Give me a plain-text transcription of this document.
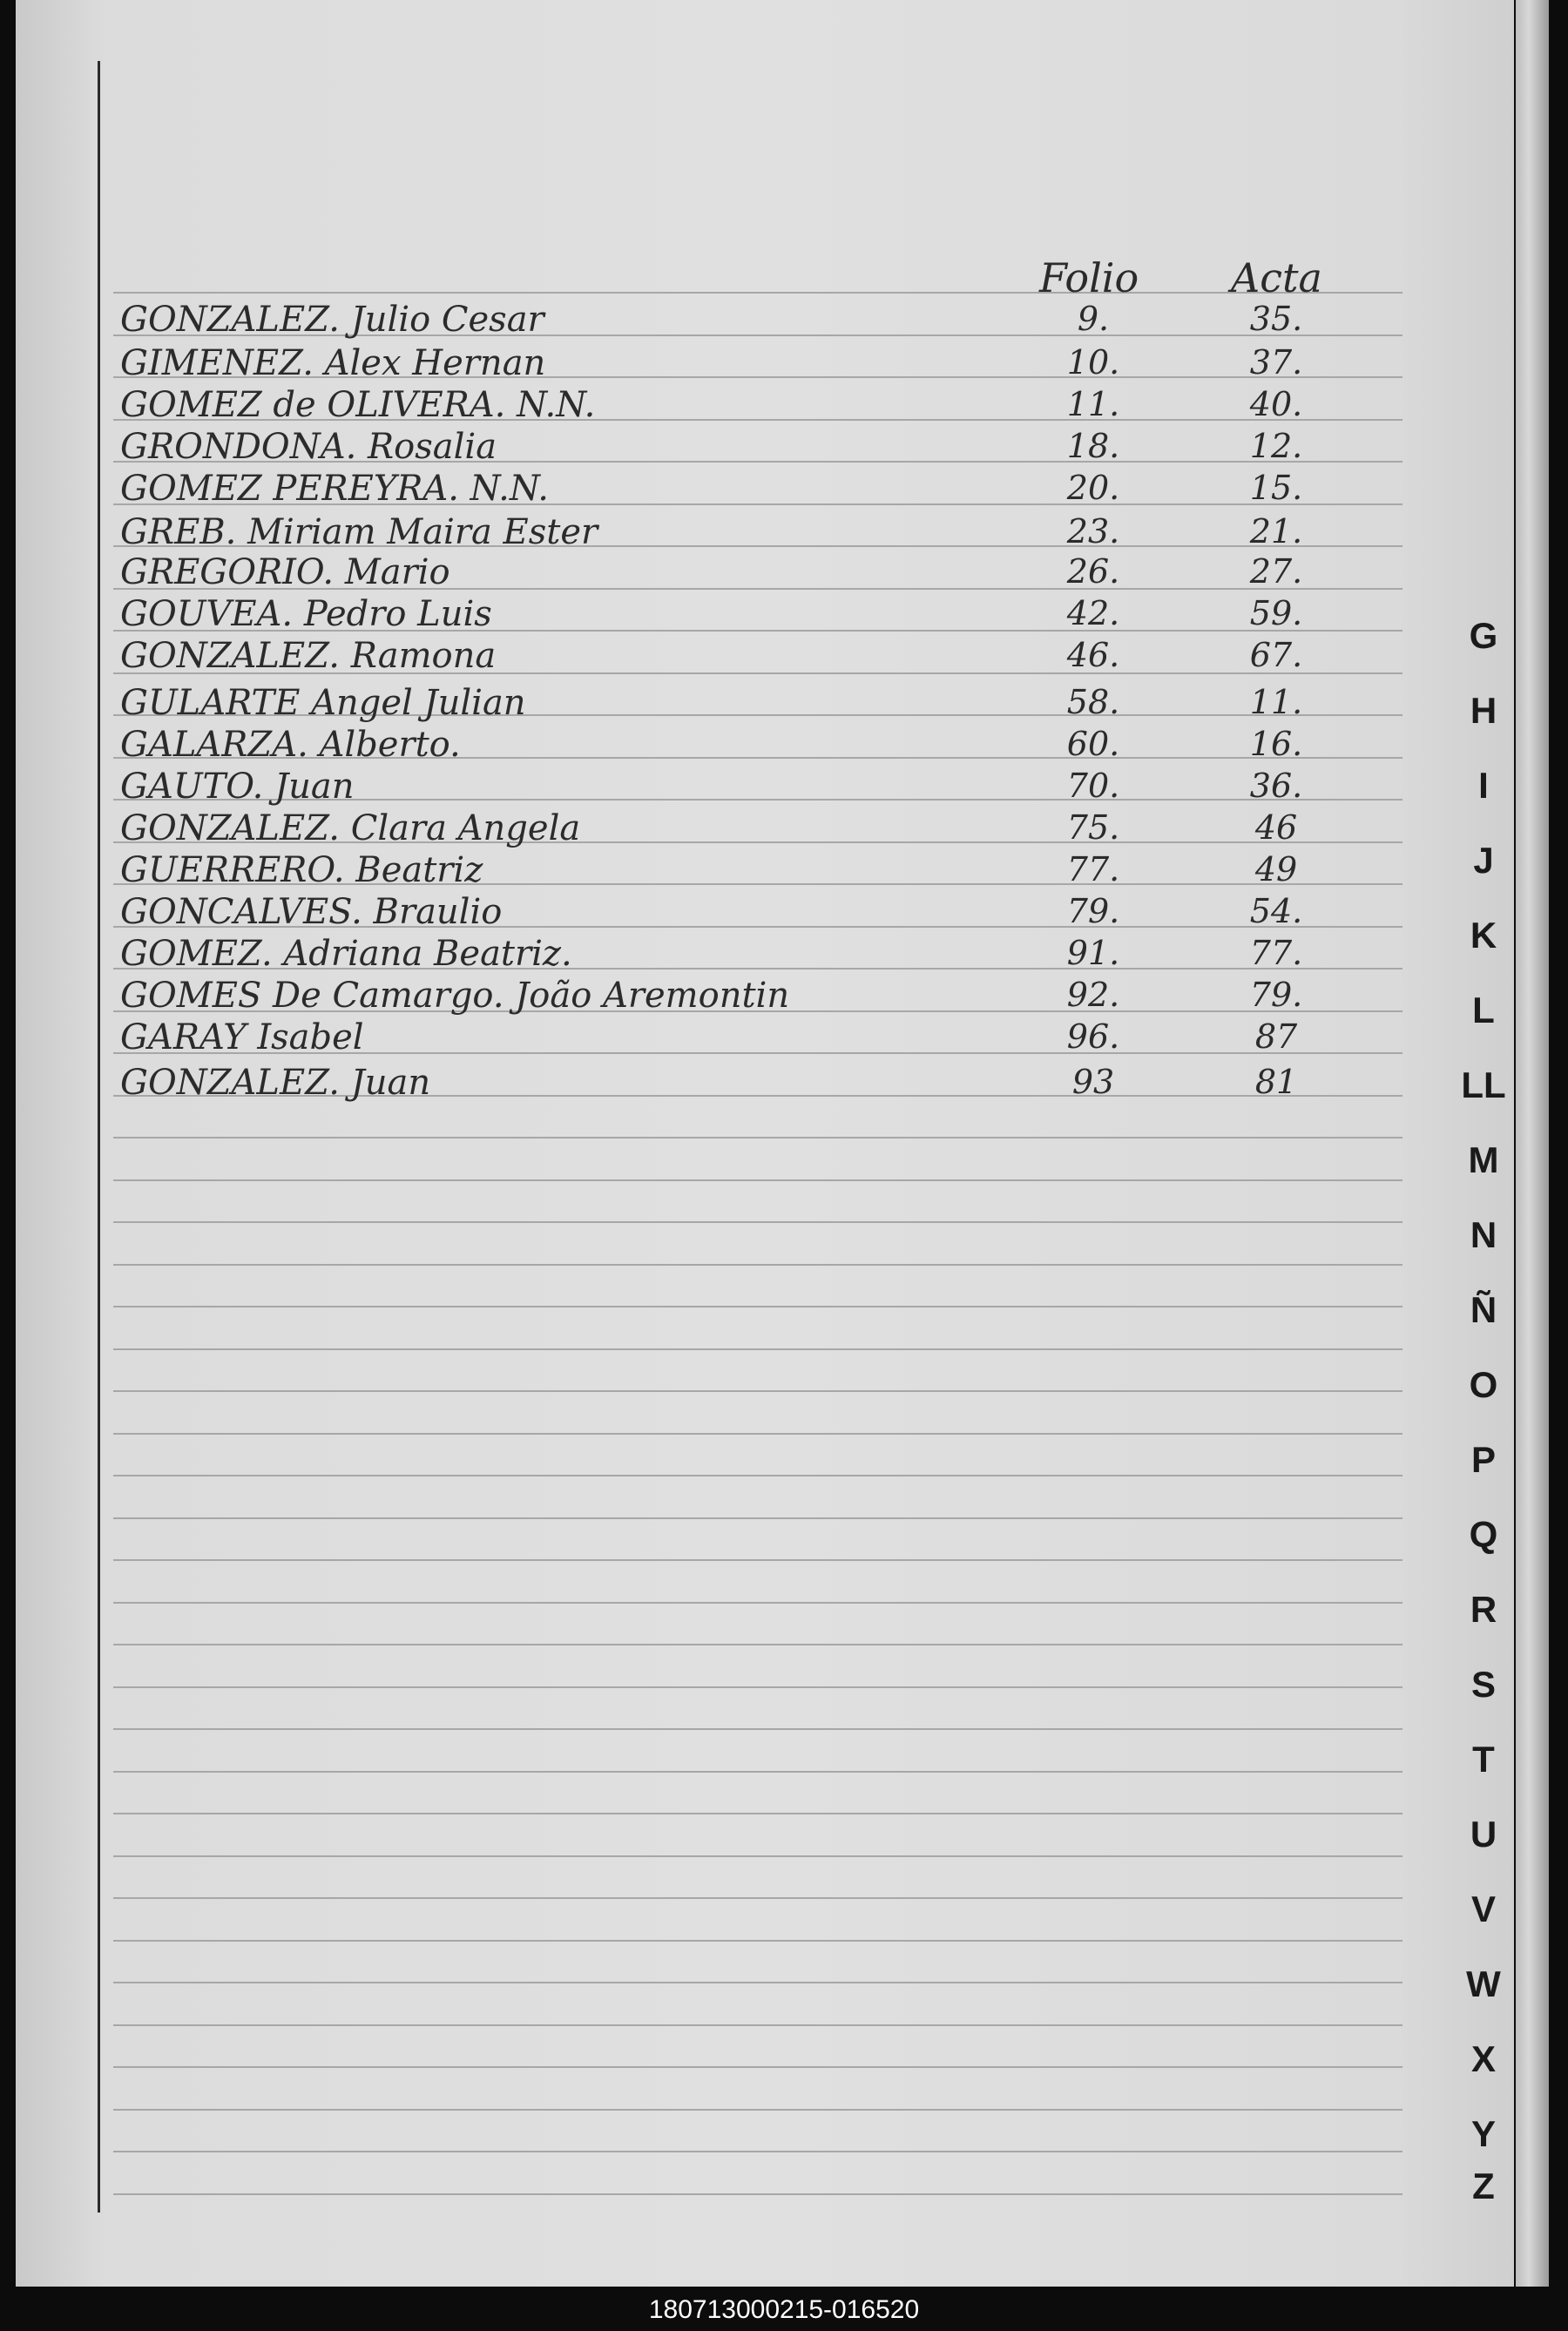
Folio Acta
GONZALEZ. Julio Cesar	9.	35.
GIMENEZ. Alex Hernan	10.	37.
GOMEZ de OLIVERA. N.N.	11.	40.
GRONDONA. Rosalia	18.	12.
GOMEZ PEREYRA. N.N.	20.	15.
GREB. Miriam Maira Ester	23.	21.
GREGORIO. Mario	26.	27.
GOUVEA. Pedro Luis	42.	59.
GONZALEZ. Ramona	46.	67.
GULARTE Angel Julian	58.	11.
GALARZA. Alberto.	60.	16.
GAUTO. Juan	70.	36.
GONZALEZ. Clara Angela	75.	46
GUERRERO. Beatriz	77.	49
GONCALVES. Braulio	79.	54.
GOMEZ. Adriana Beatriz.	91.	77.
GOMES De Camargo. João Aremontin	92.	79.
GARAY Isabel	96.	87
GONZALEZ. Juan	93	81
G
H
I
J
K
L
LL
M
N
Ñ
O
P
Q
R
S
T
U
V
W
X
Y
Z
180713000215-016520
